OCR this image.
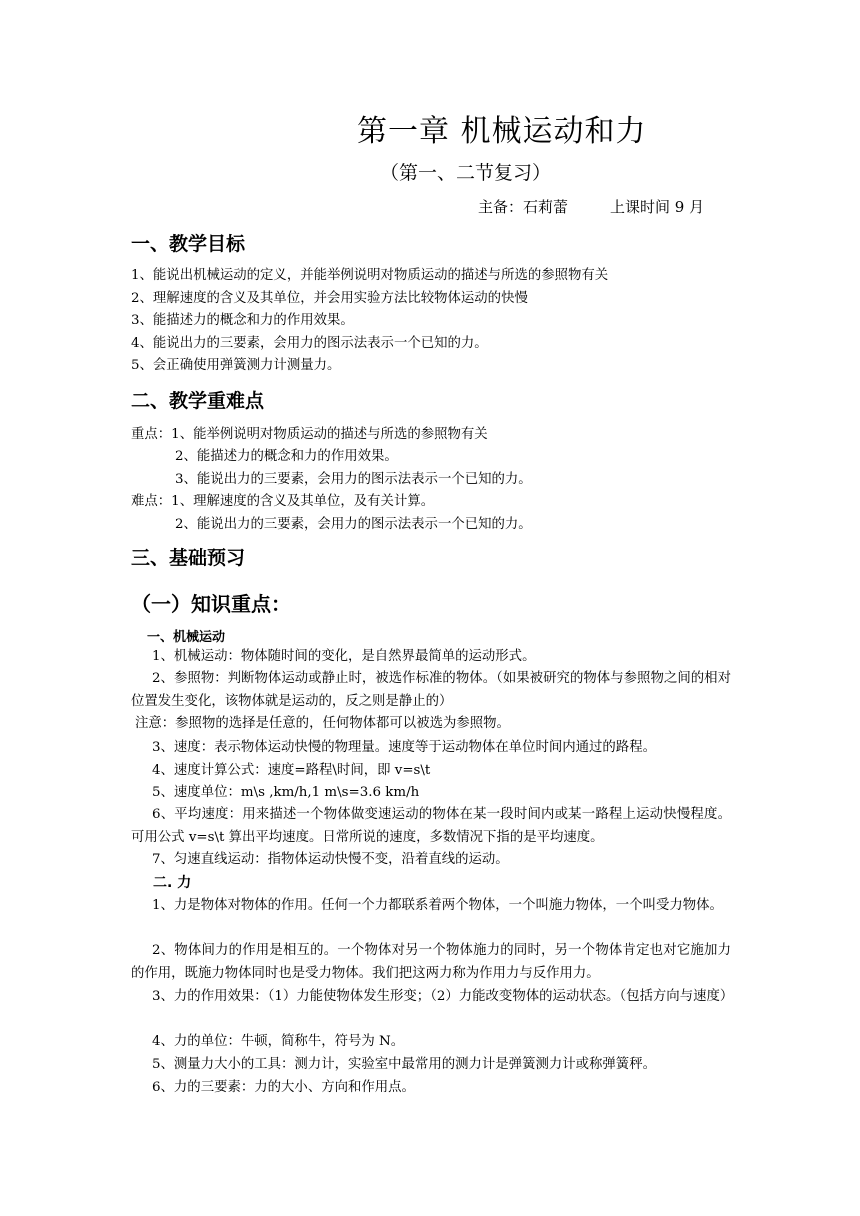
第一章 机械运动和力
（第一、二节复习）
主备：石莉蕾	上课时间 9 月
一、教学目标
1、能说出机械运动的定义，并能举例说明对物质运动的描述与所选的参照物有关
2、理解速度的含义及其单位，并会用实验方法比较物体运动的快慢
3、能描述力的概念和力的作用效果。
4、能说出力的三要素，会用力的图示法表示一个已知的力。
5、会正确使用弹簧测力计测量力。
二、教学重难点
重点：1、能举例说明对物质运动的描述与所选的参照物有关
2、能描述力的概念和力的作用效果。
3、能说出力的三要素，会用力的图示法表示一个已知的力。
难点：1、理解速度的含义及其单位，及有关计算。
2、能说出力的三要素，会用力的图示法表示一个已知的力。
三、基础预习
（一）知识重点：
一、机械运动
1、机械运动：物体随时间的变化，是自然界最简单的运动形式。
2、参照物：判断物体运动或静止时，被选作标准的物体。（如果被研究的物体与参照物之间的相对位置发生变化，该物体就是运动的，反之则是静止的）
注意：参照物的选择是任意的，任何物体都可以被选为参照物。
3、速度：表示物体运动快慢的物理量。速度等于运动物体在单位时间内通过的路程。
4、速度计算公式：速度=路程\时间，即 v=s\t
5、速度单位：m\s ,km/h,1 m\s=3.6 km/h
6、平均速度：用来描述一个物体做变速运动的物体在某一段时间内或某一路程上运动快慢程度。可用公式 v=s\t 算出平均速度。日常所说的速度，多数情况下指的是平均速度。
7、匀速直线运动：指物体运动快慢不变，沿着直线的运动。
二. 力
1、力是物体对物体的作用。任何一个力都联系着两个物体，一个叫施力物体，一个叫受力物体。
2、物体间力的作用是相互的。一个物体对另一个物体施力的同时，另一个物体肯定也对它施加力的作用，既施力物体同时也是受力物体。我们把这两力称为作用力与反作用力。
3、力的作用效果：（1）力能使物体发生形变；（2）力能改变物体的运动状态。（包括方向与速度）
4、力的单位：牛顿，简称牛，符号为 N。
5、测量力大小的工具：测力计，实验室中最常用的测力计是弹簧测力计或称弹簧秤。
6、力的三要素：力的大小、方向和作用点。
